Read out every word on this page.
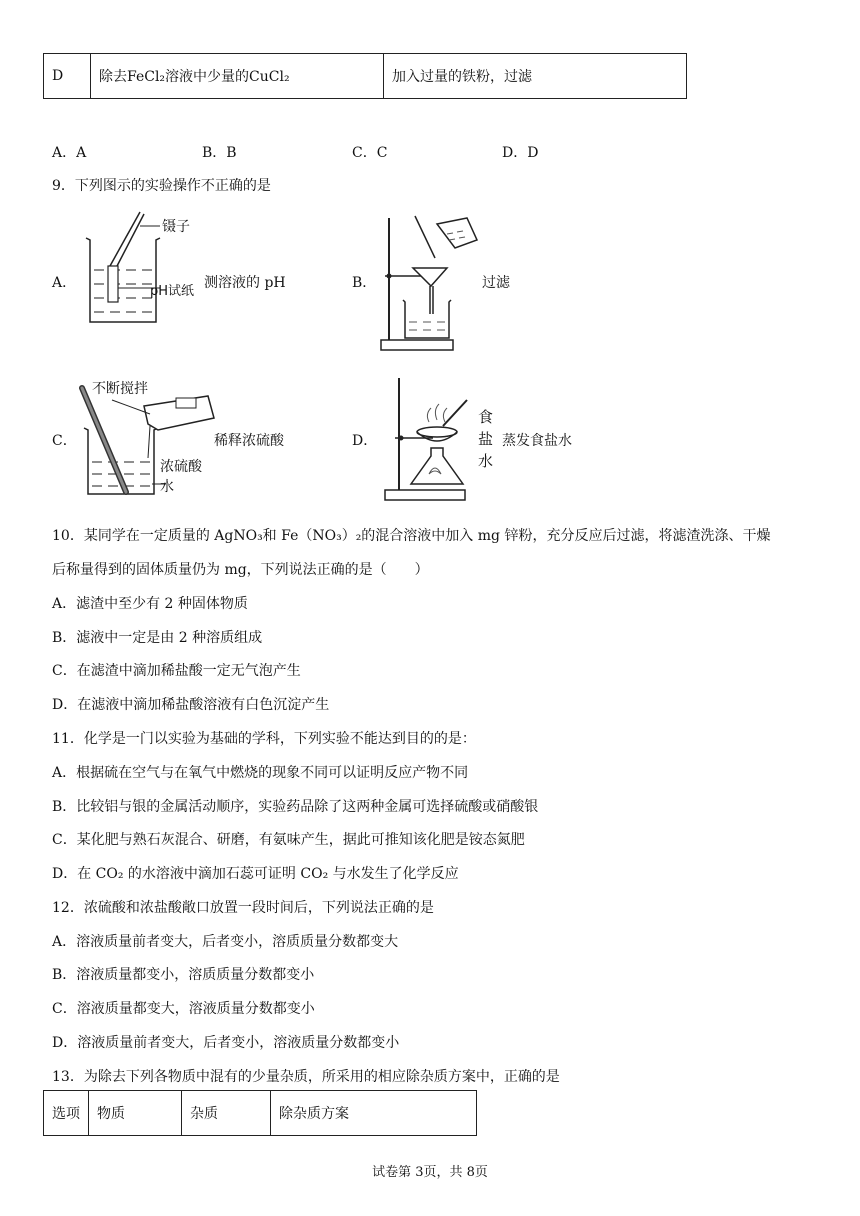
D	除去FeCl₂溶液中少量的CuCl₂	加入过量的铁粉，过滤
A．A	B．B	C．C	D．D
9．下列图示的实验操作不正确的是
A．
镊子
pH试纸
测溶液的 pH	B．	过滤
C．
不断搅拌
浓硫酸
水
稀释浓硫酸	D．
食
盐
水
蒸发食盐水
10．某同学在一定质量的 AgNO₃和 Fe（NO₃）₂的混合溶液中加入 mg 锌粉，充分反应后过滤，将滤渣洗涤、干燥
后称量得到的固体质量仍为 mg，下列说法正确的是（　　）
A．滤渣中至少有 2 种固体物质
B．滤液中一定是由 2 种溶质组成
C．在滤渣中滴加稀盐酸一定无气泡产生
D．在滤液中滴加稀盐酸溶液有白色沉淀产生
11．化学是一门以实验为基础的学科，下列实验不能达到目的的是：
A．根据硫在空气与在氧气中燃烧的现象不同可以证明反应产物不同
B．比较铝与银的金属活动顺序，实验药品除了这两种金属可选择硫酸或硝酸银
C．某化肥与熟石灰混合、研磨，有氨味产生，据此可推知该化肥是铵态氮肥
D．在 CO₂ 的水溶液中滴加石蕊可证明 CO₂ 与水发生了化学反应
12．浓硫酸和浓盐酸敞口放置一段时间后，下列说法正确的是
A．溶液质量前者变大，后者变小，溶质质量分数都变大
B．溶液质量都变小，溶质质量分数都变小
C．溶液质量都变大，溶液质量分数都变小
D．溶液质量前者变大，后者变小，溶液质量分数都变小
13．为除去下列各物质中混有的少量杂质，所采用的相应除杂质方案中，正确的是
选项	物质	杂质	除杂质方案
试卷第 3页，共 8页
